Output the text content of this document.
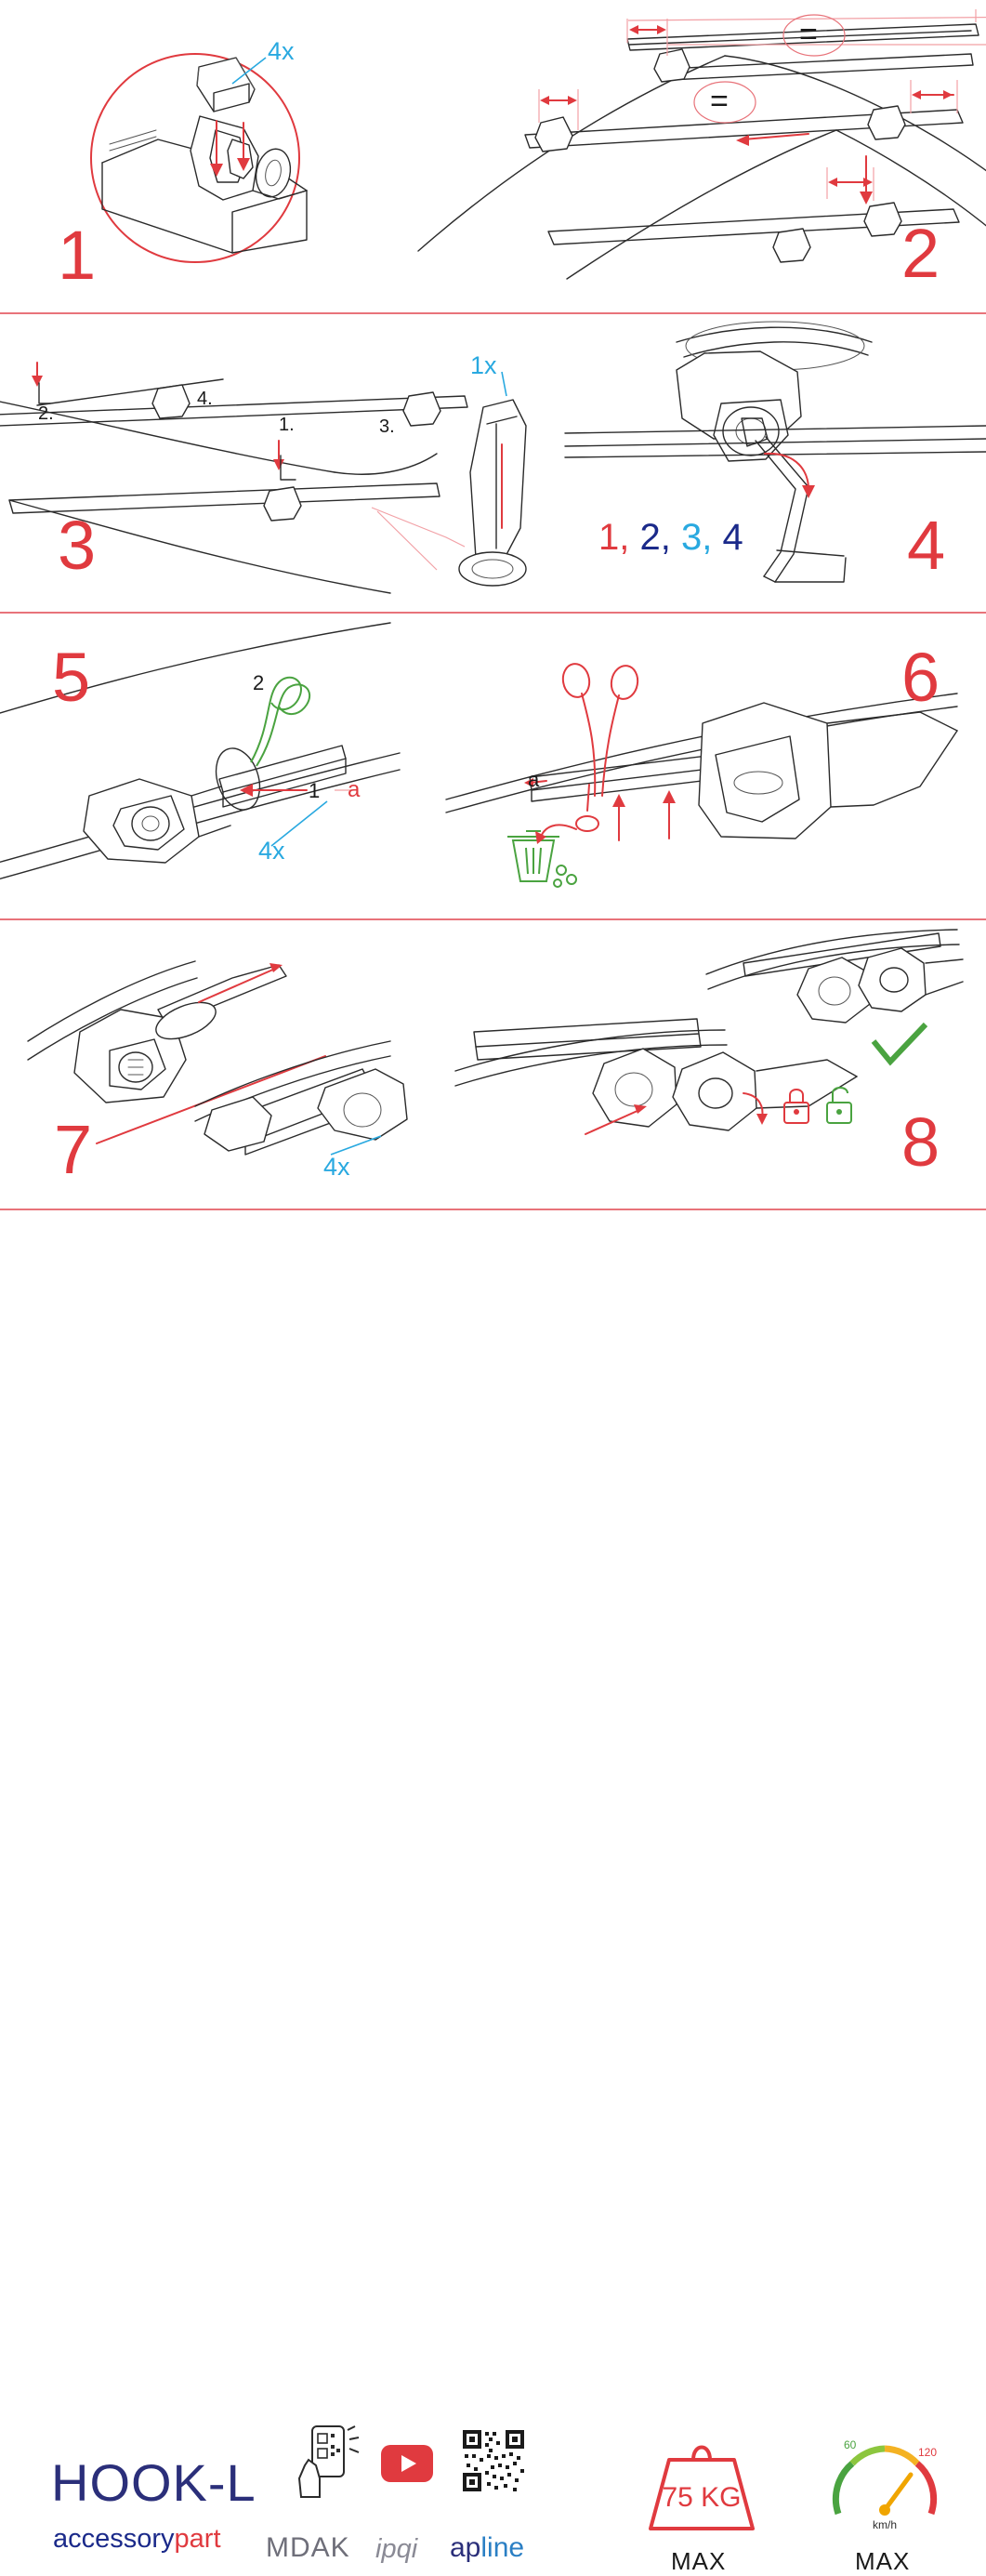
4x
1
=
=
2
1x
1.
2.
3.
4.
3	1, 2, 3, 4 4
5
1
2
a
4x
6
a
7	4x	8
HOOK-L
accessorypart MDAK ipqi apline
75 KG
MAX
60
120
km/h
MAX
